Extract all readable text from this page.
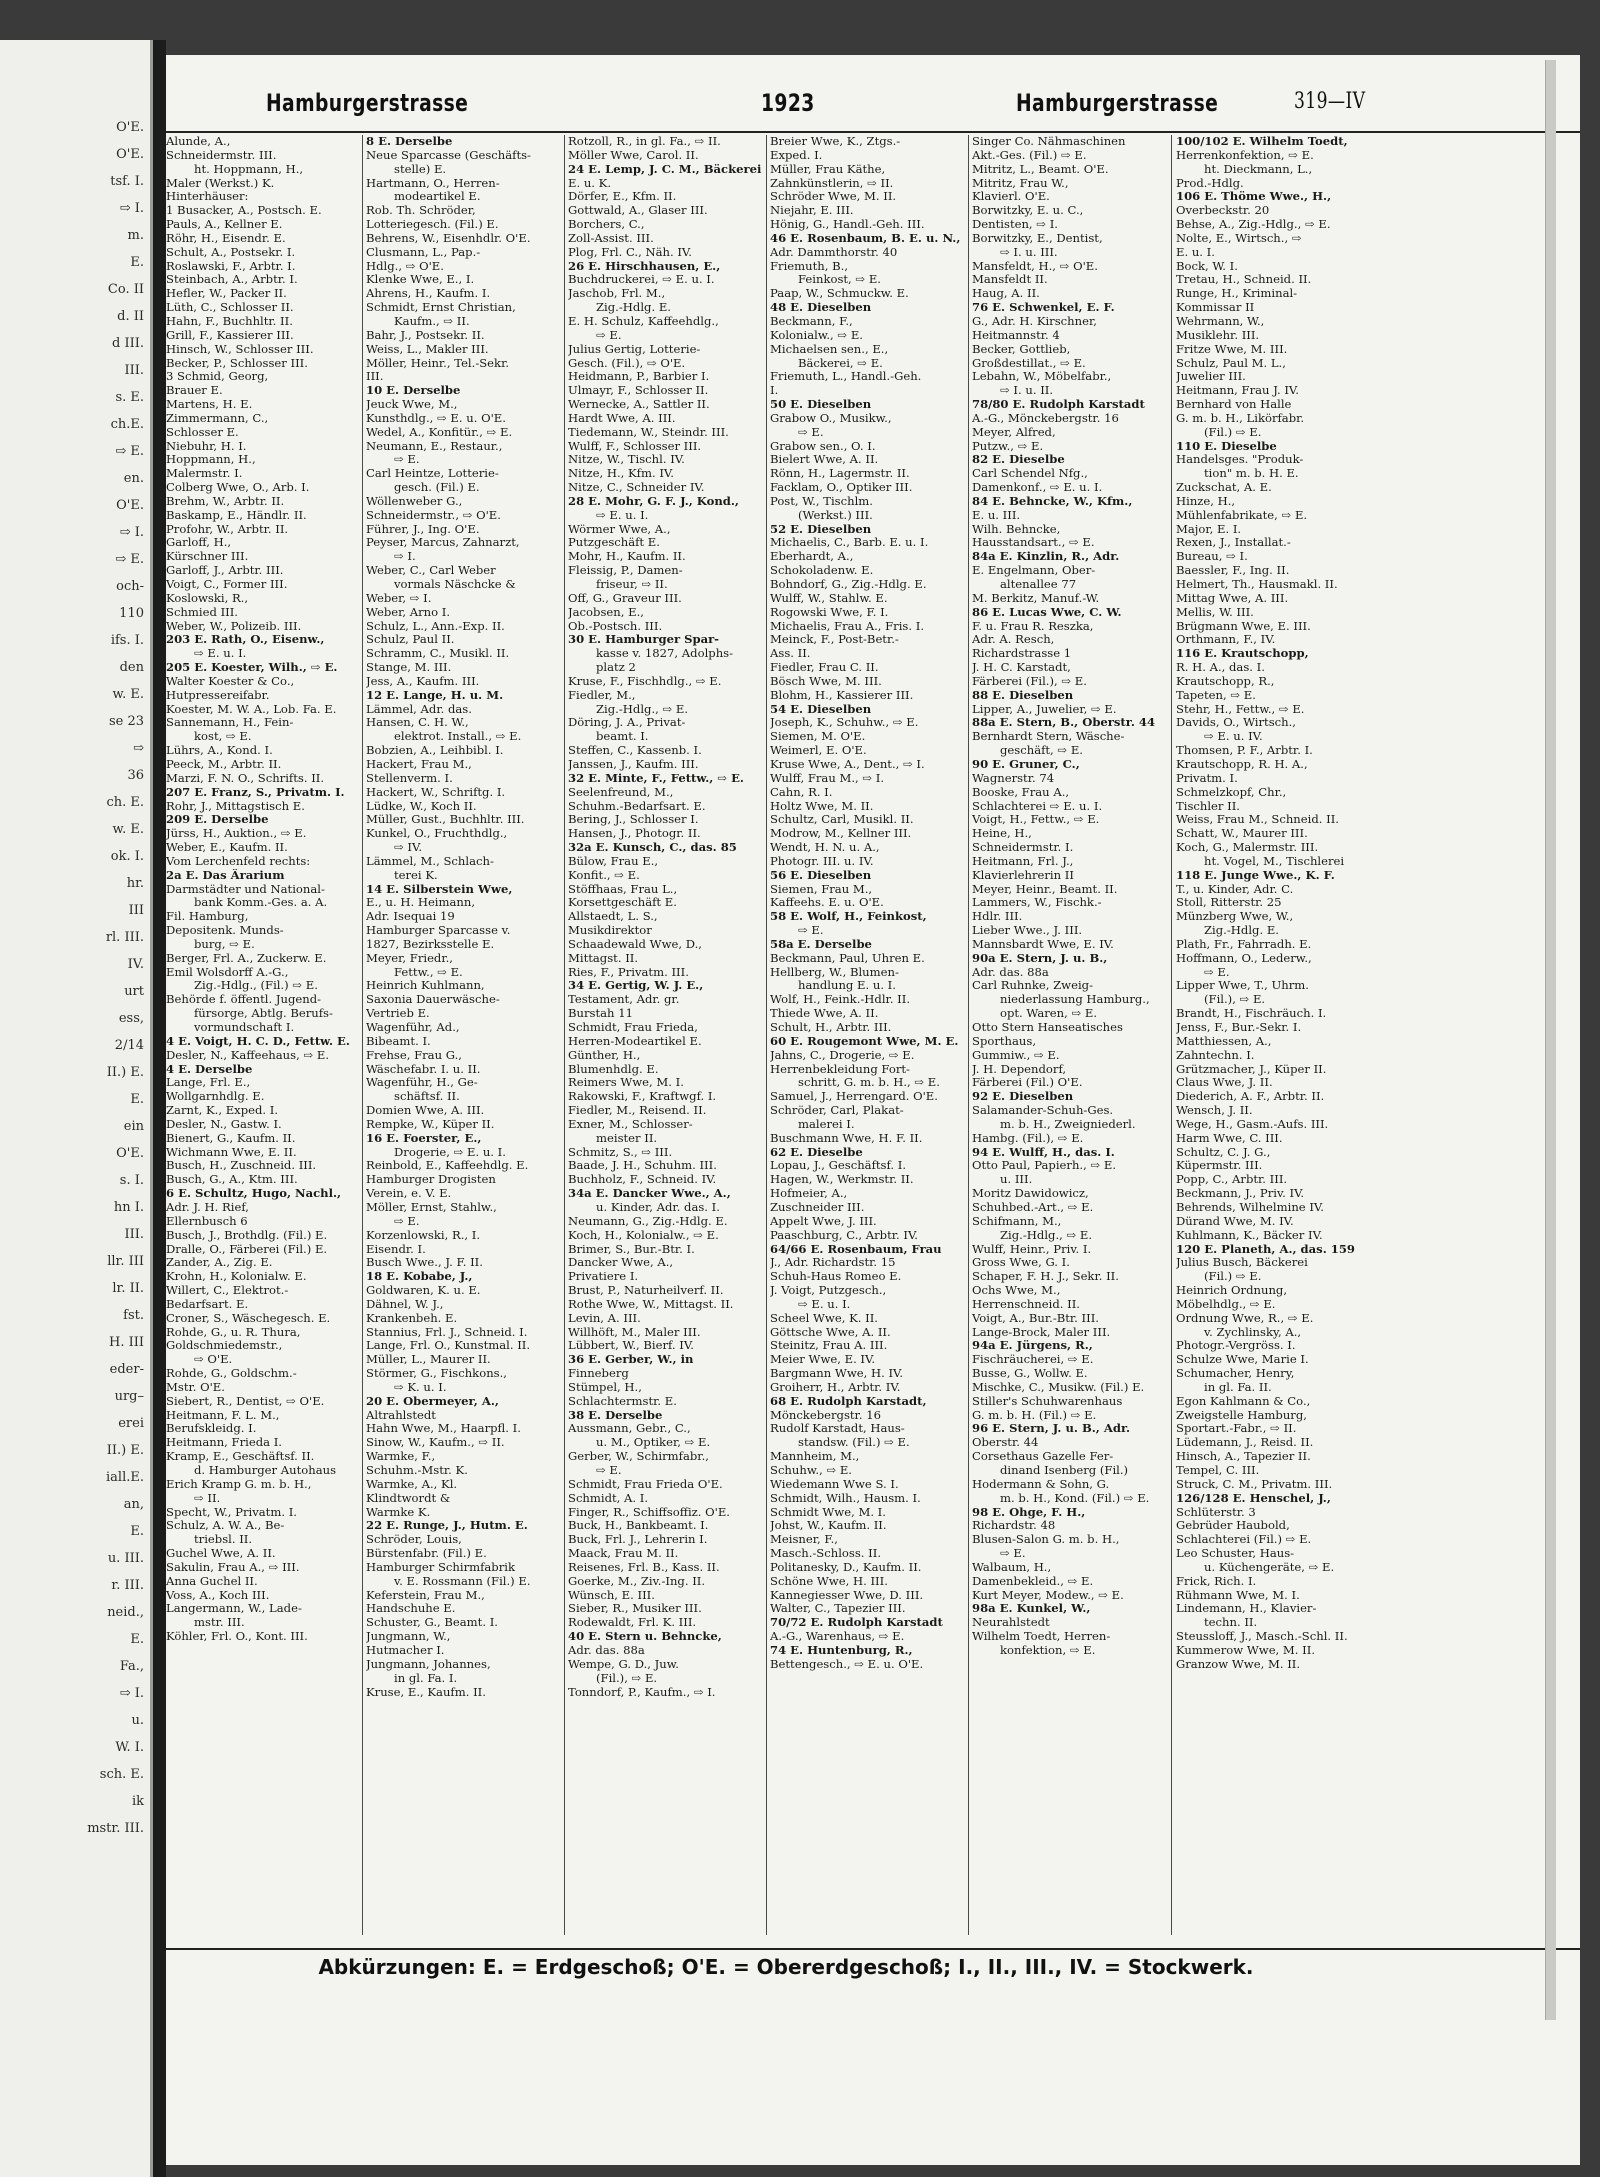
O'E.
O'E.
tsf. I.
⇨ I.
m.
E.
Co. II
d. II
d III.
III.
s. E.
ch.E.
⇨ E.
en.
O'E.
⇨ I.
⇨ E.
och-
110
ifs. I.
den
w. E.
se 23
⇨
36
ch. E.
w. E.
ok. I.
hr.
III
rl. III.
IV.
urt
ess,
2/14
II.) E.
E.
ein
O'E.
s. I.
hn I.
III.
llr. III
lr. II.
fst.
H. III
eder-
urg–
erei
II.) E.
iall.E.
an,
E.
u. III.
r. III.
neid.,
E.
Fa.,
⇨ I.
u.
W. I.
sch. E.
ik
mstr. III.
Hamburgerstrasse	1923	Hamburgerstrasse	319—IV
Alunde, A.,
Schneidermstr. III.
ht. Hoppmann, H.,
Maler (Werkst.) K.
Hinterhäuser:
1 Busacker, A., Postsch. E.
Pauls, A., Kellner E.
Röhr, H., Eisendr. E.
Schult, A., Postsekr. I.
Roslawski, F., Arbtr. I.
Steinbach, A., Arbtr. I.
Hefler, W., Packer II.
Lüth, C., Schlosser II.
Hahn, F., Buchhltr. II.
Grill, F., Kassierer III.
Hinsch, W., Schlosser III.
Becker, P., Schlosser III.
3 Schmid, Georg,
Brauer E.
Martens, H. E.
Zimmermann, C.,
Schlosser E.
Niebuhr, H. I.
Hoppmann, H.,
Malermstr. I.
Colberg Wwe, O., Arb. I.
Brehm, W., Arbtr. II.
Baskamp, E., Händlr. II.
Profohr, W., Arbtr. II.
Garloff, H.,
Kürschner III.
Garloff, J., Arbtr. III.
Voigt, C., Former III.
Koslowski, R.,
Schmied III.
Weber, W., Polizeib. III.
203 E. Rath, O., Eisenw.,
⇨ E. u. I.
205 E. Koester, Wilh., ⇨ E.
Walter Koester & Co.,
Hutpressereifabr.
Koester, M. W. A., Lob. Fa. E.
Sannemann, H., Fein-
kost, ⇨ E.
Lührs, A., Kond. I.
Peeck, M., Arbtr. II.
Marzi, F. N. O., Schrifts. II.
207 E. Franz, S., Privatm. I.
Rohr, J., Mittagstisch E.
209 E. Derselbe
Jürss, H., Auktion., ⇨ E.
Weber, E., Kaufm. II.
Vom Lerchenfeld rechts:
2a E. Das Ärarium
Darmstädter und National-
bank Komm.-Ges. a. A.
Fil. Hamburg,
Depositenk. Munds-
burg, ⇨ E.
Berger, Frl. A., Zuckerw. E.
Emil Wolsdorff A.-G.,
Zig.-Hdlg., (Fil.) ⇨ E.
Behörde f. öffentl. Jugend-
fürsorge, Abtlg. Berufs-
vormundschaft I.
4 E. Voigt, H. C. D., Fettw. E.
Desler, N., Kaffeehaus, ⇨ E.
4 E. Derselbe
Lange, Frl. E.,
Wollgarnhdlg. E.
Zarnt, K., Exped. I.
Desler, N., Gastw. I.
Bienert, G., Kaufm. II.
Wichmann Wwe, E. II.
Busch, H., Zuschneid. III.
Busch, G., A., Ktm. III.
6 E. Schultz, Hugo, Nachl.,
Adr. J. H. Rief,
Ellernbusch 6
Busch, J., Brothdlg. (Fil.) E.
Dralle, O., Färberei (Fil.) E.
Zander, A., Zig. E.
Krohn, H., Kolonialw. E.
Willert, C., Elektrot.-
Bedarfsart. E.
Croner, S., Wäschegesch. E.
Rohde, G., u. R. Thura,
Goldschmiedemstr.,
⇨ O'E.
Rohde, G., Goldschm.-
Mstr. O'E.
Siebert, R., Dentist, ⇨ O'E.
Heitmann, F. L. M.,
Berufskleidg. I.
Heitmann, Frieda I.
Kramp, E., Geschäftsf. II.
d. Hamburger Autohaus
Erich Kramp G. m. b. H.,
⇨ II.
Specht, W., Privatm. I.
Schulz, A. W. A., Be-
triebsl. II.
Guchel Wwe, A. II.
Sakulin, Frau A., ⇨ III.
Anna Guchel II.
Voss, A., Koch III.
Langermann, W., Lade-
mstr. III.
Köhler, Frl. O., Kont. III.
8 E. Derselbe
Neue Sparcasse (Geschäfts-
stelle) E.
Hartmann, O., Herren-
modeartikel E.
Rob. Th. Schröder,
Lotteriegesch. (Fil.) E.
Behrens, W., Eisenhdlr. O'E.
Clusmann, L., Pap.-
Hdlg., ⇨ O'E.
Klenke Wwe, E., I.
Ahrens, H., Kaufm. I.
Schmidt, Ernst Christian,
Kaufm., ⇨ II.
Bahr, J., Postsekr. II.
Weiss, L., Makler III.
Möller, Heinr., Tel.-Sekr.
III.
10 E. Derselbe
Jeuck Wwe, M.,
Kunsthdlg., ⇨ E. u. O'E.
Wedel, A., Konfitür., ⇨ E.
Neumann, E., Restaur.,
⇨ E.
Carl Heintze, Lotterie-
gesch. (Fil.) E.
Wöllenweber G.,
Schneidermstr., ⇨ O'E.
Führer, J., Ing. O'E.
Peyser, Marcus, Zahnarzt,
⇨ I.
Weber, C., Carl Weber
vormals Näschcke &
Weber, ⇨ I.
Weber, Arno I.
Schulz, L., Ann.-Exp. II.
Schulz, Paul II.
Schramm, C., Musikl. II.
Stange, M. III.
Jess, A., Kaufm. III.
12 E. Lange, H. u. M.
Lämmel, Adr. das.
Hansen, C. H. W.,
elektrot. Install., ⇨ E.
Bobzien, A., Leihbibl. I.
Hackert, Frau M.,
Stellenverm. I.
Hackert, W., Schriftg. I.
Lüdke, W., Koch II.
Müller, Gust., Buchhltr. III.
Kunkel, O., Fruchthdlg.,
⇨ IV.
Lämmel, M., Schlach-
terei K.
14 E. Silberstein Wwe,
E., u. H. Heimann,
Adr. Isequai 19
Hamburger Sparcasse v.
1827, Bezirksstelle E.
Meyer, Friedr.,
Fettw., ⇨ E.
Heinrich Kuhlmann,
Saxonia Dauerwäsche-
Vertrieb E.
Wagenführ, Ad.,
Bibeamt. I.
Frehse, Frau G.,
Wäschefabr. I. u. II.
Wagenführ, H., Ge-
schäftsf. II.
Domien Wwe, A. III.
Rempke, W., Küper II.
16 E. Foerster, E.,
Drogerie, ⇨ E. u. I.
Reinbold, E., Kaffeehdlg. E.
Hamburger Drogisten
Verein, e. V. E.
Möller, Ernst, Stahlw.,
⇨ E.
Korzenlowski, R., I.
Eisendr. I.
Busch Wwe., J. F. II.
18 E. Kobabe, J.,
Goldwaren, K. u. E.
Dähnel, W. J.,
Krankenbeh. E.
Stannius, Frl. J., Schneid. I.
Lange, Frl. O., Kunstmal. II.
Müller, L., Maurer II.
Störmer, G., Fischkons.,
⇨ K. u. I.
20 E. Obermeyer, A.,
Altrahlstedt
Hahn Wwe, M., Haarpfl. I.
Sinow, W., Kaufm., ⇨ II.
Warmke, F.,
Schuhm.-Mstr. K.
Warmke, A., Kl.
Klindtwordt &
Warmke K.
22 E. Runge, J., Hutm. E.
Schröder, Louis,
Bürstenfabr. (Fil.) E.
Hamburger Schirmfabrik
v. E. Rossmann (Fil.) E.
Keferstein, Frau M.,
Handschuhe E.
Schuster, G., Beamt. I.
Jungmann, W.,
Hutmacher I.
Jungmann, Johannes,
in gl. Fa. I.
Kruse, E., Kaufm. II.
Rotzoll, R., in gl. Fa., ⇨ II.
Möller Wwe, Carol. II.
24 E. Lemp, J. C. M., Bäckerei
E. u. K.
Dörfer, E., Kfm. II.
Gottwald, A., Glaser III.
Borchers, C.,
Zoll-Assist. III.
Plog, Frl. C., Näh. IV.
26 E. Hirschhausen, E.,
Buchdruckerei, ⇨ E. u. I.
Jaschob, Frl. M.,
Zig.-Hdlg. E.
E. H. Schulz, Kaffeehdlg.,
⇨ E.
Julius Gertig, Lotterie-
Gesch. (Fil.), ⇨ O'E.
Heidmann, P., Barbier I.
Ulmayr, F., Schlosser II.
Wernecke, A., Sattler II.
Hardt Wwe, A. III.
Tiedemann, W., Steindr. III.
Wulff, F., Schlosser III.
Nitze, W., Tischl. IV.
Nitze, H., Kfm. IV.
Nitze, C., Schneider IV.
28 E. Mohr, G. F. J., Kond.,
⇨ E. u. I.
Wörmer Wwe, A.,
Putzgeschäft E.
Mohr, H., Kaufm. II.
Fleissig, P., Damen-
friseur, ⇨ II.
Off, G., Graveur III.
Jacobsen, E.,
Ob.-Postsch. III.
30 E. Hamburger Spar-
kasse v. 1827, Adolphs-
platz 2
Kruse, F., Fischhdlg., ⇨ E.
Fiedler, M.,
Zig.-Hdlg., ⇨ E.
Döring, J. A., Privat-
beamt. I.
Steffen, C., Kassenb. I.
Janssen, J., Kaufm. III.
32 E. Minte, F., Fettw., ⇨ E.
Seelenfreund, M.,
Schuhm.-Bedarfsart. E.
Bering, J., Schlosser I.
Hansen, J., Photogr. II.
32a E. Kunsch, C., das. 85
Bülow, Frau E.,
Konfit., ⇨ E.
Stöffhaas, Frau L.,
Korsettgeschäft E.
Allstaedt, L. S.,
Musikdirektor
Schaadewald Wwe, D.,
Mittagst. II.
Ries, F., Privatm. III.
34 E. Gertig, W. J. E.,
Testament, Adr. gr.
Burstah 11
Schmidt, Frau Frieda,
Herren-Modeartikel E.
Günther, H.,
Blumenhdlg. E.
Reimers Wwe, M. I.
Rakowski, F., Kraftwgf. I.
Fiedler, M., Reisend. II.
Exner, M., Schlosser-
meister II.
Schmitz, S., ⇨ III.
Baade, J. H., Schuhm. III.
Buchholz, F., Schneid. IV.
34a E. Dancker Wwe., A.,
u. Kinder, Adr. das. I.
Neumann, G., Zig.-Hdlg. E.
Koch, H., Kolonialw., ⇨ E.
Brimer, S., Bur.-Btr. I.
Dancker Wwe, A.,
Privatiere I.
Brust, P., Naturheilverf. II.
Rothe Wwe, W., Mittagst. II.
Levin, A. III.
Willhöft, M., Maler III.
Lübbert, W., Bierf. IV.
36 E. Gerber, W., in
Finneberg
Stümpel, H.,
Schlachtermstr. E.
38 E. Derselbe
Aussmann, Gebr., C.,
u. M., Optiker, ⇨ E.
Gerber, W., Schirmfabr.,
⇨ E.
Schmidt, Frau Frieda O'E.
Schmidt, A. I.
Finger, R., Schiffsoffiz. O'E.
Buck, H., Bankbeamt. I.
Buck, Frl. J., Lehrerin I.
Maack, Frau M. II.
Reisenes, Frl. B., Kass. II.
Goerke, M., Ziv.-Ing. II.
Wünsch, E. III.
Sieber, R., Musiker III.
Rodewaldt, Frl. K. III.
40 E. Stern u. Behncke,
Adr. das. 88a
Wempe, G. D., Juw.
(Fil.), ⇨ E.
Tonndorf, P., Kaufm., ⇨ I.
Breier Wwe, K., Ztgs.-
Exped. I.
Müller, Frau Käthe,
Zahnkünstlerin, ⇨ II.
Schröder Wwe, M. II.
Niejahr, E. III.
Hönig, G., Handl.-Geh. III.
46 E. Rosenbaum, B. E. u. N.,
Adr. Dammthorstr. 40
Friemuth, B.,
Feinkost, ⇨ E.
Paap, W., Schmuckw. E.
48 E. Dieselben
Beckmann, F.,
Kolonialw., ⇨ E.
Michaelsen sen., E.,
Bäckerei, ⇨ E.
Friemuth, L., Handl.-Geh.
I.
50 E. Dieselben
Grabow O., Musikw.,
⇨ E.
Grabow sen., O. I.
Bielert Wwe, A. II.
Rönn, H., Lagermstr. II.
Facklam, O., Optiker III.
Post, W., Tischlm.
(Werkst.) III.
52 E. Dieselben
Michaelis, C., Barb. E. u. I.
Eberhardt, A.,
Schokoladenw. E.
Bohndorf, G., Zig.-Hdlg. E.
Wulff, W., Stahlw. E.
Rogowski Wwe, F. I.
Michaelis, Frau A., Fris. I.
Meinck, F., Post-Betr.-
Ass. II.
Fiedler, Frau C. II.
Bösch Wwe, M. III.
Blohm, H., Kassierer III.
54 E. Dieselben
Joseph, K., Schuhw., ⇨ E.
Siemen, M. O'E.
Weimerl, E. O'E.
Kruse Wwe, A., Dent., ⇨ I.
Wulff, Frau M., ⇨ I.
Cahn, R. I.
Holtz Wwe, M. II.
Schultz, Carl, Musikl. II.
Modrow, M., Kellner III.
Wendt, H. N. u. A.,
Photogr. III. u. IV.
56 E. Dieselben
Siemen, Frau M.,
Kaffeehs. E. u. O'E.
58 E. Wolf, H., Feinkost,
⇨ E.
58a E. Derselbe
Beckmann, Paul, Uhren E.
Hellberg, W., Blumen-
handlung E. u. I.
Wolf, H., Feink.-Hdlr. II.
Thiede Wwe, A. II.
Schult, H., Arbtr. III.
60 E. Rougemont Wwe, M. E.
Jahns, C., Drogerie, ⇨ E.
Herrenbekleidung Fort-
schritt, G. m. b. H., ⇨ E.
Samuel, J., Herrengard. O'E.
Schröder, Carl, Plakat-
malerei I.
Buschmann Wwe, H. F. II.
62 E. Dieselbe
Lopau, J., Geschäftsf. I.
Hagen, W., Werkmstr. II.
Hofmeier, A.,
Zuschneider III.
Appelt Wwe, J. III.
Paaschburg, C., Arbtr. IV.
64/66 E. Rosenbaum, Frau
J., Adr. Richardstr. 15
Schuh-Haus Romeo E.
J. Voigt, Putzgesch.,
⇨ E. u. I.
Scheel Wwe, K. II.
Göttsche Wwe, A. II.
Steinitz, Frau A. III.
Meier Wwe, E. IV.
Bargmann Wwe, H. IV.
Groiherr, H., Arbtr. IV.
68 E. Rudolph Karstadt,
Mönckebergstr. 16
Rudolf Karstadt, Haus-
standsw. (Fil.) ⇨ E.
Mannheim, M.,
Schuhw., ⇨ E.
Wiedemann Wwe S. I.
Schmidt, Wilh., Hausm. I.
Schmidt Wwe, M. I.
Johst, W., Kaufm. II.
Meisner, F.,
Masch.-Schloss. II.
Politanesky, D., Kaufm. II.
Schöne Wwe, H. III.
Kannegiesser Wwe, D. III.
Walter, C., Tapezier III.
70/72 E. Rudolph Karstadt
A.-G., Warenhaus, ⇨ E.
74 E. Huntenburg, R.,
Bettengesch., ⇨ E. u. O'E.
Singer Co. Nähmaschinen
Akt.-Ges. (Fil.) ⇨ E.
Mitritz, L., Beamt. O'E.
Mitritz, Frau W.,
Klavierl. O'E.
Borwitzky, E. u. C.,
Dentisten, ⇨ I.
Borwitzky, E., Dentist,
⇨ I. u. III.
Mansfeldt, H., ⇨ O'E.
Mansfeldt II.
Haug, A. II.
76 E. Schwenkel, E. F.
G., Adr. H. Kirschner,
Heitmannstr. 4
Becker, Gottlieb,
Großdestillat., ⇨ E.
Lebahn, W., Möbelfabr.,
⇨ I. u. II.
78/80 E. Rudolph Karstadt
A.-G., Mönckebergstr. 16
Meyer, Alfred,
Putzw., ⇨ E.
82 E. Dieselbe
Carl Schendel Nfg.,
Damenkonf., ⇨ E. u. I.
84 E. Behncke, W., Kfm.,
E. u. III.
Wilh. Behncke,
Hausstandsart., ⇨ E.
84a E. Kinzlin, R., Adr.
E. Engelmann, Ober-
altenallee 77
M. Berkitz, Manuf.-W.
86 E. Lucas Wwe, C. W.
F. u. Frau R. Reszka,
Adr. A. Resch,
Richardstrasse 1
J. H. C. Karstadt,
Färberei (Fil.), ⇨ E.
88 E. Dieselben
Lipper, A., Juwelier, ⇨ E.
88a E. Stern, B., Oberstr. 44
Bernhardt Stern, Wäsche-
geschäft, ⇨ E.
90 E. Gruner, C.,
Wagnerstr. 74
Booske, Frau A.,
Schlachterei ⇨ E. u. I.
Voigt, H., Fettw., ⇨ E.
Heine, H.,
Schneidermstr. I.
Heitmann, Frl. J.,
Klavierlehrerin II
Meyer, Heinr., Beamt. II.
Lammers, W., Fischk.-
Hdlr. III.
Lieber Wwe., J. III.
Mannsbardt Wwe, E. IV.
90a E. Stern, J. u. B.,
Adr. das. 88a
Carl Ruhnke, Zweig-
niederlassung Hamburg.,
opt. Waren, ⇨ E.
Otto Stern Hanseatisches
Sporthaus,
Gummiw., ⇨ E.
J. H. Dependorf,
Färberei (Fil.) O'E.
92 E. Dieselben
Salamander-Schuh-Ges.
m. b. H., Zweigniederl.
Hambg. (Fil.), ⇨ E.
94 E. Wulff, H., das. I.
Otto Paul, Papierh., ⇨ E.
u. III.
Moritz Dawidowicz,
Schuhbed.-Art., ⇨ E.
Schifmann, M.,
Zig.-Hdlg., ⇨ E.
Wulff, Heinr., Priv. I.
Gross Wwe, G. I.
Schaper, F. H. J., Sekr. II.
Ochs Wwe, M.,
Herrenschneid. II.
Voigt, A., Bur.-Btr. III.
Lange-Brock, Maler III.
94a E. Jürgens, R.,
Fischräucherei, ⇨ E.
Busse, G., Wollw. E.
Mischke, C., Musikw. (Fil.) E.
Stiller's Schuhwarenhaus
G. m. b. H. (Fil.) ⇨ E.
96 E. Stern, J. u. B., Adr.
Oberstr. 44
Corsethaus Gazelle Fer-
dinand Isenberg (Fil.)
Hodermann & Sohn, G.
m. b. H., Kond. (Fil.) ⇨ E.
98 E. Ohge, F. H.,
Richardstr. 48
Blusen-Salon G. m. b. H.,
⇨ E.
Walbaum, H.,
Damenbekleid., ⇨ E.
Kurt Meyer, Modew., ⇨ E.
98a E. Kunkel, W.,
Neurahlstedt
Wilhelm Toedt, Herren-
konfektion, ⇨ E.
100/102 E. Wilhelm Toedt,
Herrenkonfektion, ⇨ E.
ht. Dieckmann, L.,
Prod.-Hdlg.
106 E. Thöme Wwe., H.,
Overbeckstr. 20
Behse, A., Zig.-Hdlg., ⇨ E.
Nolte, E., Wirtsch., ⇨
E. u. I.
Bock, W. I.
Tretau, H., Schneid. II.
Runge, H., Kriminal-
Kommissar II
Wehrmann, W.,
Musiklehr. III.
Fritze Wwe, M. III.
Schulz, Paul M. L.,
Juwelier III.
Heitmann, Frau J. IV.
Bernhard von Halle
G. m. b. H., Likörfabr.
(Fil.) ⇨ E.
110 E. Dieselbe
Handelsges. "Produk-
tion" m. b. H. E.
Zuckschat, A. E.
Hinze, H.,
Mühlenfabrikate, ⇨ E.
Major, E. I.
Rexen, J., Installat.-
Bureau, ⇨ I.
Baessler, F., Ing. II.
Helmert, Th., Hausmakl. II.
Mittag Wwe, A. III.
Mellis, W. III.
Brügmann Wwe, E. III.
Orthmann, F., IV.
116 E. Krautschopp,
R. H. A., das. I.
Krautschopp, R.,
Tapeten, ⇨ E.
Stehr, H., Fettw., ⇨ E.
Davids, O., Wirtsch.,
⇨ E. u. IV.
Thomsen, P. F., Arbtr. I.
Krautschopp, R. H. A.,
Privatm. I.
Schmelzkopf, Chr.,
Tischler II.
Weiss, Frau M., Schneid. II.
Schatt, W., Maurer III.
Koch, G., Malermstr. III.
ht. Vogel, M., Tischlerei
118 E. Junge Wwe., K. F.
T., u. Kinder, Adr. C.
Stoll, Ritterstr. 25
Münzberg Wwe, W.,
Zig.-Hdlg. E.
Plath, Fr., Fahrradh. E.
Hoffmann, O., Lederw.,
⇨ E.
Lipper Wwe, T., Uhrm.
(Fil.), ⇨ E.
Brandt, H., Fischräuch. I.
Jenss, F., Bur.-Sekr. I.
Matthiessen, A.,
Zahntechn. I.
Grützmacher, J., Küper II.
Claus Wwe, J. II.
Diederich, A. F., Arbtr. II.
Wensch, J. II.
Wege, H., Gasm.-Aufs. III.
Harm Wwe, C. III.
Schultz, C. J. G.,
Küpermstr. III.
Popp, C., Arbtr. III.
Beckmann, J., Priv. IV.
Behrends, Wilhelmine IV.
Dürand Wwe, M. IV.
Kuhlmann, K., Bäcker IV.
120 E. Planeth, A., das. 159
Julius Busch, Bäckerei
(Fil.) ⇨ E.
Heinrich Ordnung,
Möbelhdlg., ⇨ E.
Ordnung Wwe, R., ⇨ E.
v. Zychlinsky, A.,
Photogr.-Vergröss. I.
Schulze Wwe, Marie I.
Schumacher, Henry,
in gl. Fa. II.
Egon Kahlmann & Co.,
Zweigstelle Hamburg,
Sportart.-Fabr., ⇨ II.
Lüdemann, J., Reisd. II.
Hinsch, A., Tapezier II.
Tempel, C. III.
Struck, C. M., Privatm. III.
126/128 E. Henschel, J.,
Schlüterstr. 3
Gebrüder Haubold,
Schlachterei (Fil.) ⇨ E.
Leo Schuster, Haus-
u. Küchengeräte, ⇨ E.
Frick, Rich. I.
Rühmann Wwe, M. I.
Lindemann, H., Klavier-
techn. II.
Steussloff, J., Masch.-Schl. II.
Kummerow Wwe, M. II.
Granzow Wwe, M. II.
Abkürzungen: E. = Erdgeschoß; O'E. = Obererdgeschoß; I., II., III., IV. = Stockwerk.
